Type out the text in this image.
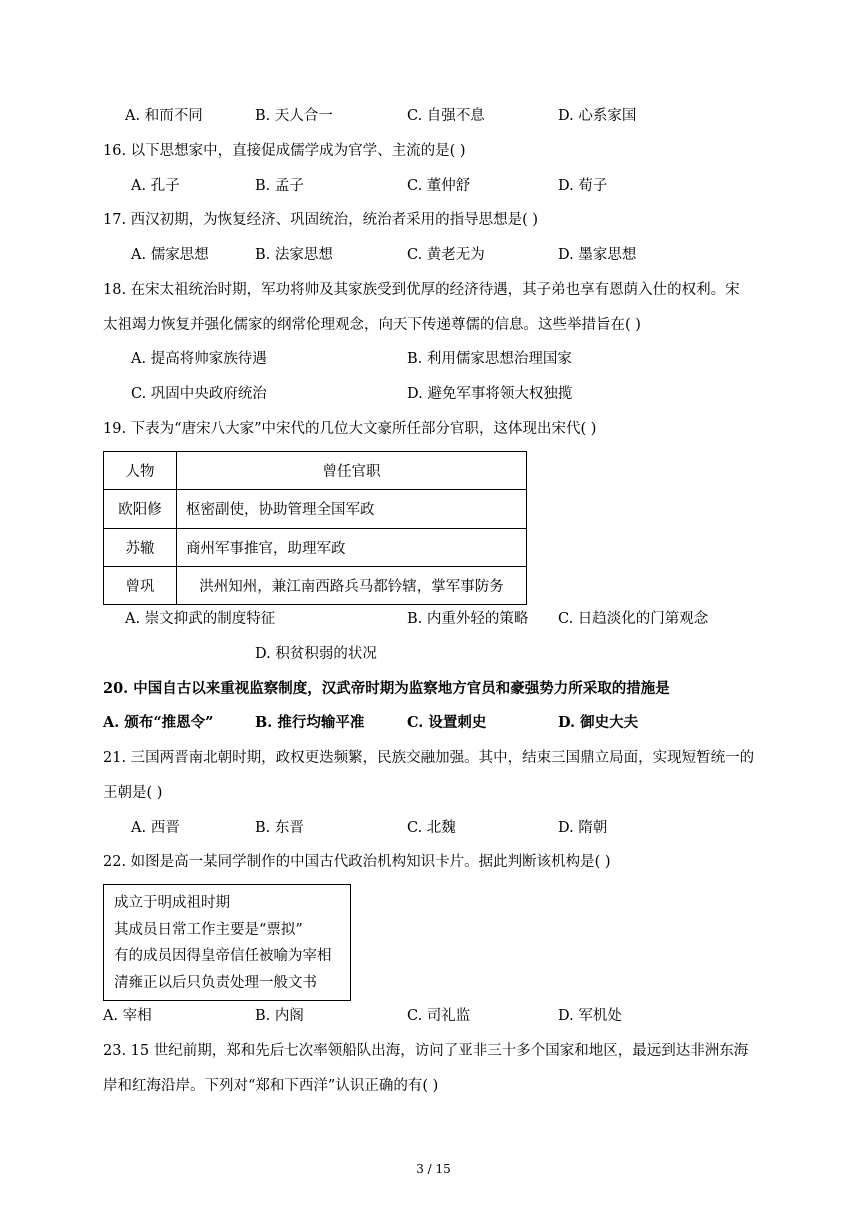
A. 和而不同	B. 天人合一	C. 自强不息	D. 心系家国
16. 以下思想家中，直接促成儒学成为官学、主流的是( )
A. 孔子	B. 孟子	C. 董仲舒	D. 荀子
17. 西汉初期，为恢复经济、巩固统治，统治者采用的指导思想是( )
A. 儒家思想	B. 法家思想	C. 黄老无为	D. 墨家思想
18. 在宋太祖统治时期，军功将帅及其家族受到优厚的经济待遇，其子弟也享有恩荫入仕的权利。宋
太祖竭力恢复并强化儒家的纲常伦理观念，向天下传递尊儒的信息。这些举措旨在( )
A. 提高将帅家族待遇	B. 利用儒家思想治理国家
C. 巩固中央政府统治	D. 避免军事将领大权独揽
19. 下表为“唐宋八大家”中宋代的几位大文豪所任部分官职，这体现出宋代( )
人物	曾任官职
欧阳修	枢密副使，协助管理全国军政
苏辙	商州军事推官，助理军政
曾巩	洪州知州，兼江南西路兵马都钤辖，掌军事防务
A. 崇文抑武的制度特征	B. 内重外轻的策略 C. 日趋淡化的门第观念
D. 积贫积弱的状况
20. 中国自古以来重视监察制度，汉武帝时期为监察地方官员和豪强势力所采取的措施是
A. 颁布“推恩令”	B. 推行均输平准	C. 设置刺史	D. 御史大夫
21. 三国两晋南北朝时期，政权更迭频繁，民族交融加强。其中，结束三国鼎立局面，实现短暂统一的
王朝是( )
A. 西晋	B. 东晋	C. 北魏	D. 隋朝
22. 如图是高一某同学制作的中国古代政治机构知识卡片。据此判断该机构是( )
成立于明成祖时期
其成员日常工作主要是“票拟”
有的成员因得皇帝信任被喻为宰相
清雍正以后只负责处理一般文书
A. 宰相	B. 内阁	C. 司礼监	D. 军机处
23. 15 世纪前期，郑和先后七次率领船队出海，访问了亚非三十多个国家和地区，最远到达非洲东海
岸和红海沿岸。下列对“郑和下西洋”认识正确的有( )
3 / 15
